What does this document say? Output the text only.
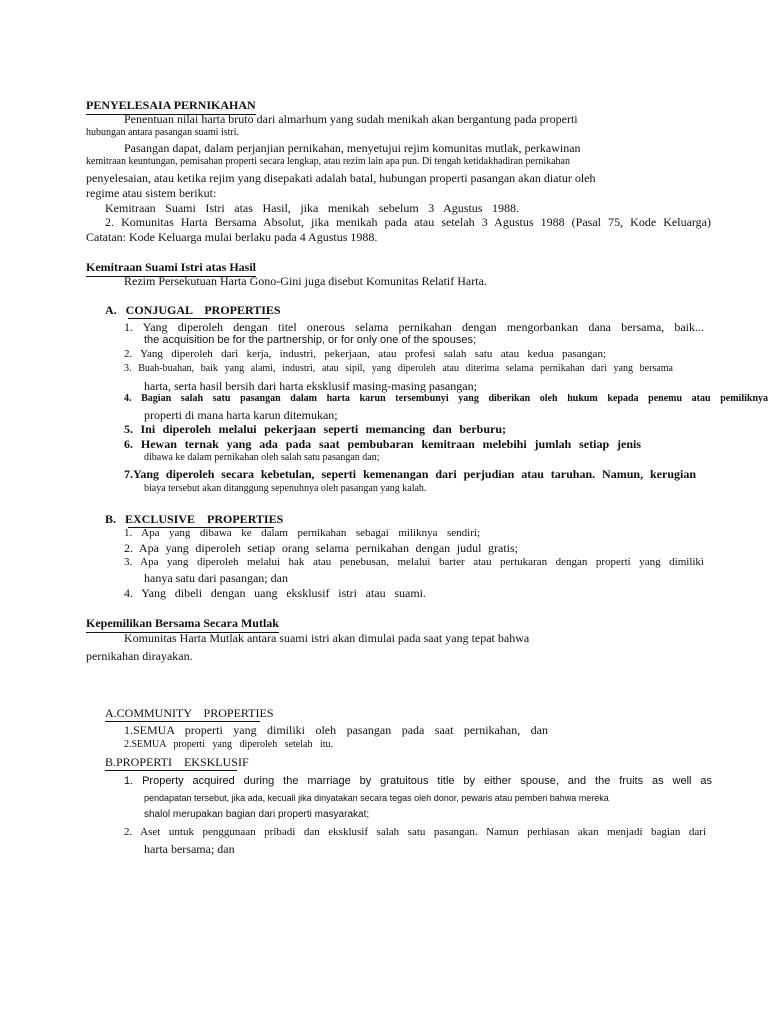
PENYELESAIA PERNIKAHAN
Penentuan nilai harta bruto dari almarhum yang sudah menikah akan bergantung pada properti
hubungan antara pasangan suami istri.
Pasangan dapat, dalam perjanjian pernikahan, menyetujui rejim komunitas mutlak, perkawinan
kemitraan keuntungan, pemisahan properti secara lengkap, atau rezim lain apa pun. Di tengah ketidakhadiran pernikahan
penyelesaian, atau ketika rejim yang disepakati adalah batal, hubungan properti pasangan akan diatur oleh
regime atau sistem berikut:
Kemitraan Suami Istri atas Hasil, jika menikah sebelum 3 Agustus 1988.
2. Komunitas Harta Bersama Absolut, jika menikah pada atau setelah 3 Agustus 1988 (Pasal 75, Kode Keluarga)
Catatan: Kode Keluarga mulai berlaku pada 4 Agustus 1988.
Kemitraan Suami Istri atas Hasil
Rezim Persekutuan Harta Gono-Gini juga disebut Komunitas Relatif Harta.
A.   CONJUGAL    PROPERTIES
1. Yang diperoleh dengan titel onerous selama pernikahan dengan mengorbankan dana bersama, baik...
the acquisition be for the partnership, or for only one of the spouses;
2. Yang diperoleh dari kerja, industri, pekerjaan, atau profesi salah satu atau kedua pasangan;
3. Buah-buahan, baik yang alami, industri, atau sipil, yang diperoleh atau diterima selama pernikahan dari yang bersama
harta, serta hasil bersih dari harta eksklusif masing-masing pasangan;
4. Bagian salah satu pasangan dalam harta karun tersembunyi yang diberikan oleh hukum kepada penemu atau pemiliknya
properti di mana harta karun ditemukan;
5. Ini diperoleh melalui pekerjaan seperti memancing dan berburu;
6. Hewan ternak yang ada pada saat pembubaran kemitraan melebihi jumlah setiap jenis
dibawa ke dalam pernikahan oleh salah satu pasangan dan;
7.Yang diperoleh secara kebetulan, seperti kemenangan dari perjudian atau taruhan. Namun, kerugian
biaya tersebut akan ditanggung sepenuhnya oleh pasangan yang kalah.
B.   EXCLUSIVE    PROPERTIES
1. Apa yang dibawa ke dalam pernikahan sebagai miliknya sendiri;
2. Apa yang diperoleh setiap orang selama pernikahan dengan judul gratis;
3. Apa yang diperoleh melalui hak atau penebusan, melalui barter atau pertukaran dengan properti yang dimiliki
hanya satu dari pasangan; dan
4. Yang dibeli dengan uang eksklusif istri atau suami.
Kepemilikan Bersama Secara Mutlak
Komunitas Harta Mutlak antara suami istri akan dimulai pada saat yang tepat bahwa
pernikahan dirayakan.
A.COMMUNITY    PROPERTIES
1.SEMUA properti yang dimiliki oleh pasangan pada saat pernikahan, dan
2.SEMUA properti yang diperoleh setelah itu.
B.PROPERTI    EKSKLUSIF
1. Property acquired during the marriage by gratuitous title by either spouse, and the fruits as well as
pendapatan tersebut, jika ada, kecuali jika dinyatakan secara tegas oleh donor, pewaris atau pemberi bahwa mereka
shalol merupakan bagian dari properti masyarakat;
2. Aset untuk penggunaan pribadi dan eksklusif salah satu pasangan. Namun perhiasan akan menjadi bagian dari
harta bersama; dan
